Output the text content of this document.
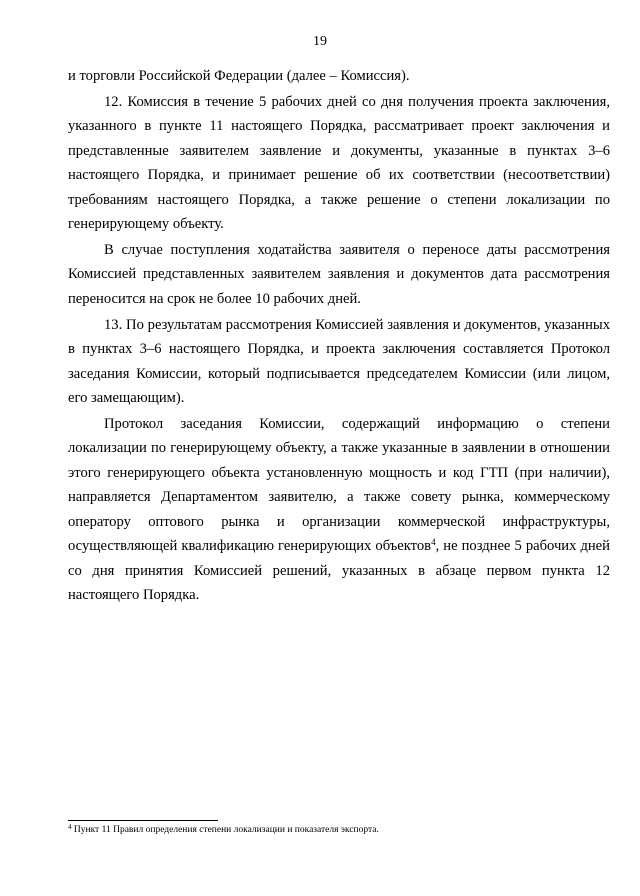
19

и торговли Российской Федерации (далее – Комиссия).

12. Комиссия в течение 5 рабочих дней со дня получения проекта заключения, указанного в пункте 11 настоящего Порядка, рассматривает проект заключения и представленные заявителем заявление и документы, указанные в пунктах 3–6 настоящего Порядка, и принимает решение об их соответствии (несоответствии) требованиям настоящего Порядка, а также решение о степени локализации по генерирующему объекту.

В случае поступления ходатайства заявителя о переносе даты рассмотрения Комиссией представленных заявителем заявления и документов дата рассмотрения переносится на срок не более 10 рабочих дней.

13. По результатам рассмотрения Комиссией заявления и документов, указанных в пунктах 3–6 настоящего Порядка, и проекта заключения составляется Протокол заседания Комиссии, который подписывается председателем Комиссии (или лицом, его замещающим).

Протокол заседания Комиссии, содержащий информацию о степени локализации по генерирующему объекту, а также указанные в заявлении в отношении этого генерирующего объекта установленную мощность и код ГТП (при наличии), направляется Департаментом заявителю, а также совету рынка, коммерческому оператору оптового рынка и организации коммерческой инфраструктуры, осуществляющей квалификацию генерирующих объектов$^4$, не позднее 5 рабочих дней со дня принятия Комиссией решений, указанных в абзаце первом пункта 12 настоящего Порядка.

$^4$ Пункт 11 Правил определения степени локализации и показателя экспорта.
